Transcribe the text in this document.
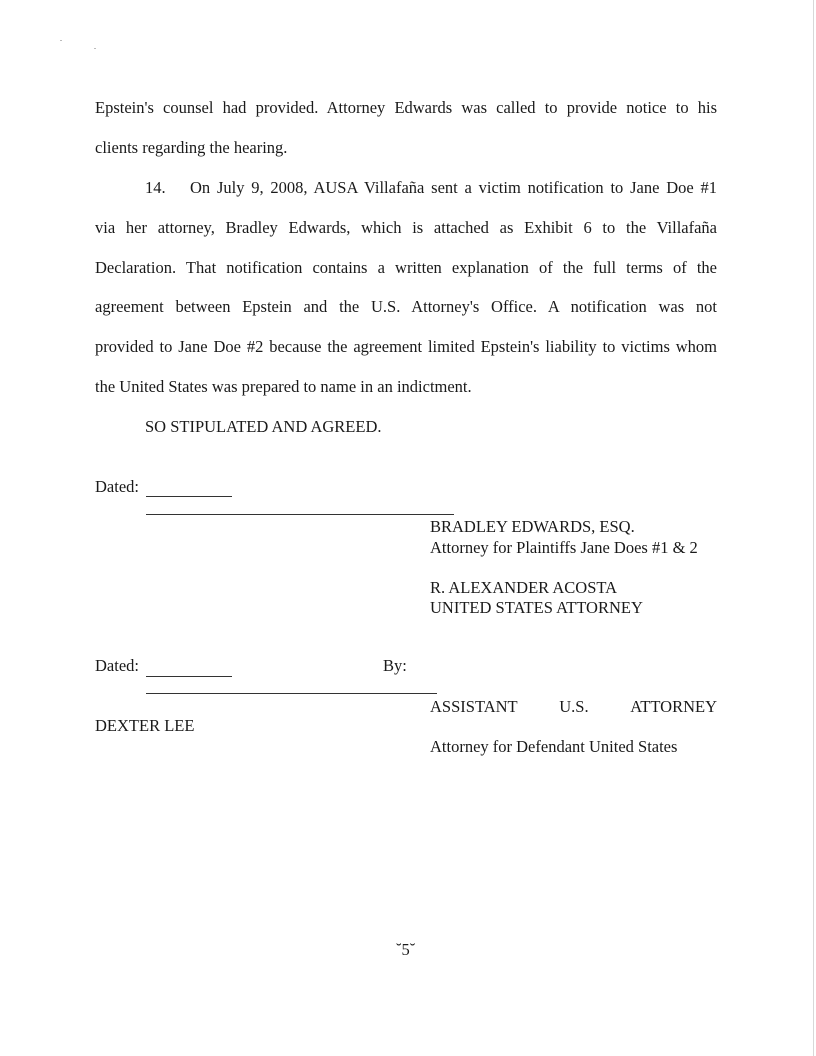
Epstein's counsel had provided. Attorney Edwards was called to provide notice to his
clients regarding the hearing.
14. On July 9, 2008, AUSA Villafaña sent a victim notification to Jane Doe #1
via her attorney, Bradley Edwards, which is attached as Exhibit 6 to the Villafaña
Declaration. That notification contains a written explanation of the full terms of the
agreement between Epstein and the U.S. Attorney's Office. A notification was not
provided to Jane Doe #2 because the agreement limited Epstein's liability to victims whom
the United States was prepared to name in an indictment.
SO STIPULATED AND AGREED.
Dated:
BRADLEY EDWARDS, ESQ.
Attorney for Plaintiffs Jane Does #1 & 2
R. ALEXANDER ACOSTA
UNITED STATES ATTORNEY
Dated:	By:
ASSISTANT	U.S.	ATTORNEY
DEXTER LEE
Attorney for Defendant United States
˘5˘
